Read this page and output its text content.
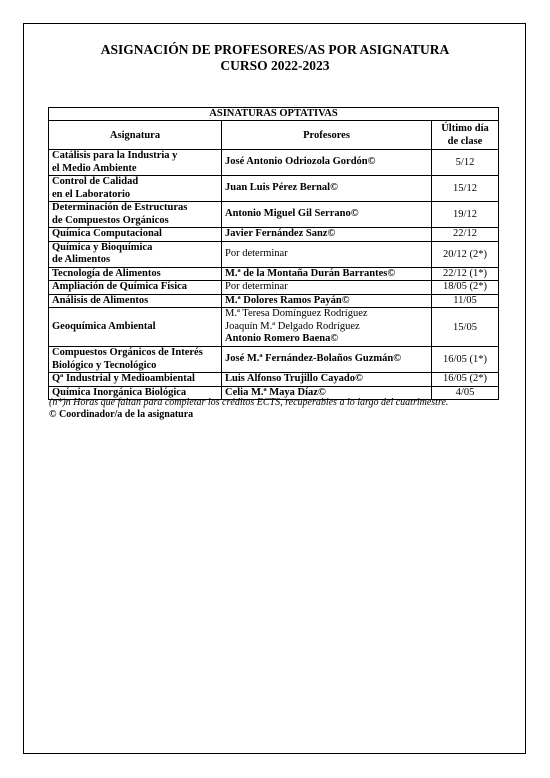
ASIGNACIÓN DE PROFESORES/AS POR ASIGNATURA
CURSO 2022-2023
ASINATURAS OPTATIVAS		
Asignatura	Profesores	Último día
de clase
Catálisis para la Industria y
el Medio Ambiente	José Antonio Odriozola Gordón©	5/12
Control de Calidad
en el Laboratorio	Juan Luis Pérez Bernal©	15/12
Determinación de Estructuras
de Compuestos Orgánicos	Antonio Miguel Gil Serrano©	19/12
Química Computacional	Javier Fernández Sanz©	22/12
Química y Bioquímica
de Alimentos	Por determinar	20/12 (2*)
Tecnología de Alimentos	M.ª de la Montaña Durán Barrantes©	22/12 (1*)
Ampliación de Química Física	Por determinar	18/05 (2*)
Análisis de Alimentos	M.ª Dolores Ramos Payán©	11/05
Geoquímica Ambiental	M.ª Teresa Domínguez Rodríguez
Joaquín M.ª Delgado Rodríguez
Antonio Romero Baena©	15/05
Compuestos Orgánicos de Interés
Biológico y Tecnológico	José M.ª Fernández-Bolaños Guzmán©	16/05 (1*)
Qª Industrial y Medioambiental	Luis Alfonso Trujillo Cayado©	16/05 (2*)
Química Inorgánica Biológica	Celia M.ª Maya Díaz©	4/05
(n*)n Horas que faltan para completar los créditos ECTS, recuperables a lo largo del cuatrimestre.
© Coordinador/a de la asignatura
